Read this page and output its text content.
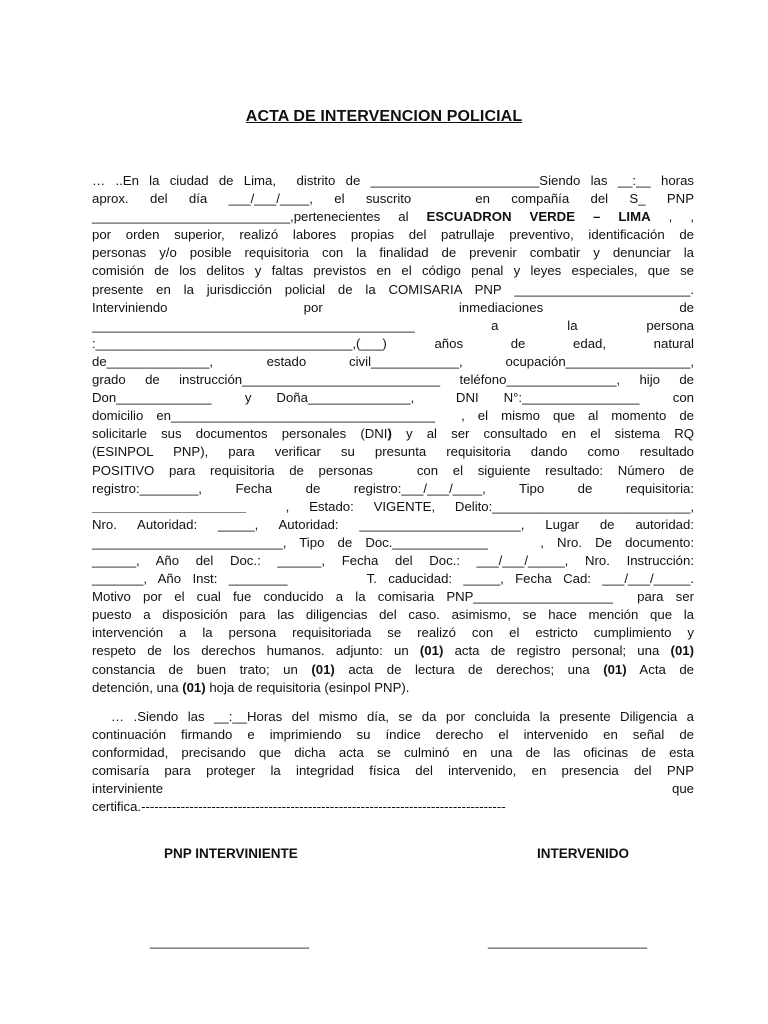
ACTA DE INTERVENCION POLICIAL
… ..En la ciudad de Lima,  distrito de _______________________Siendo las __:__ horas
aprox.  del  día  ___/___/____,  el  suscrito      en  compañía  del  S_  PNP
___________________________,pertenecientes al ESCUADRON VERDE – LIMA , ,
por orden superior, realizó labores propias del patrullaje preventivo, identificación de
personas y/o posible requisitoria con la finalidad de prevenir combatir y denunciar la
comisión de los delitos y faltas previstos en el código penal y leyes especiales, que se
presente en la jurisdicción policial de la COMISARIA PNP ________________________.
Interviniendo                    por                    inmediaciones                    de
____________________________________________          a         la         persona
:___________________________________,(___)     años     de     edad,     natural
de______________,     estado    civil____________,    ocupación_________________,
grado de instrucción___________________________ teléfono_______________, hijo de
Don_____________    y   Doña______________,     DNI   N°:________________    con
domicilio en____________________________________  , el mismo que al momento de
solicitarle sus documentos personales (DNI) y al ser consultado en el sistema RQ
(ESINPOL  PNP),  para  verificar  su  presunta  requisitoria  dando  como  resultado
POSITIVO para requisitoria de personas   con el siguiente resultado: Número de
registro:________,    Fecha    de    registro:___/___/____,    Tipo    de    requisitoria:
_____________________  , Estado: VIGENTE, Delito:___________________________,
Nro.  Autoridad:  _____,  Autoridad:  ______________________,  Lugar  de  autoridad:
__________________________, Tipo de Doc._____________    , Nro. De documento:
______, Año del Doc.: ______, Fecha del Doc.: ___/___/_____, Nro. Instrucción:
_______, Año Inst: ________       T. caducidad: _____, Fecha Cad: ___/___/_____.
Motivo por el cual fue conducido a la comisaria PNP___________________  para ser
puesto a disposición para las diligencias del caso. asimismo, se hace mención que la
intervención a la persona requisitoriada se realizó con el estricto cumplimiento y
respeto de los derechos humanos. adjunto: un (01) acta de registro personal; una (01)
constancia de buen trato; un (01) acta de lectura de derechos; una (01) Acta de
detención, una (01) hoja de requisitoria (esinpol PNP).
… .Siendo las __:__Horas del mismo día, se da por concluida la presente Diligencia a
continuación firmando e imprimiendo su índice derecho el intervenido en señal de
conformidad, precisando que dicha acta se culminó en una de las oficinas de esta
comisaría para proteger la integridad física del intervenido, en presencia del PNP
interviniente                                                                                            que
certifica.-----------------------------------------------------------------------------------
PNP INTERVINIENTE	INTERVENIDO
______________________	______________________
